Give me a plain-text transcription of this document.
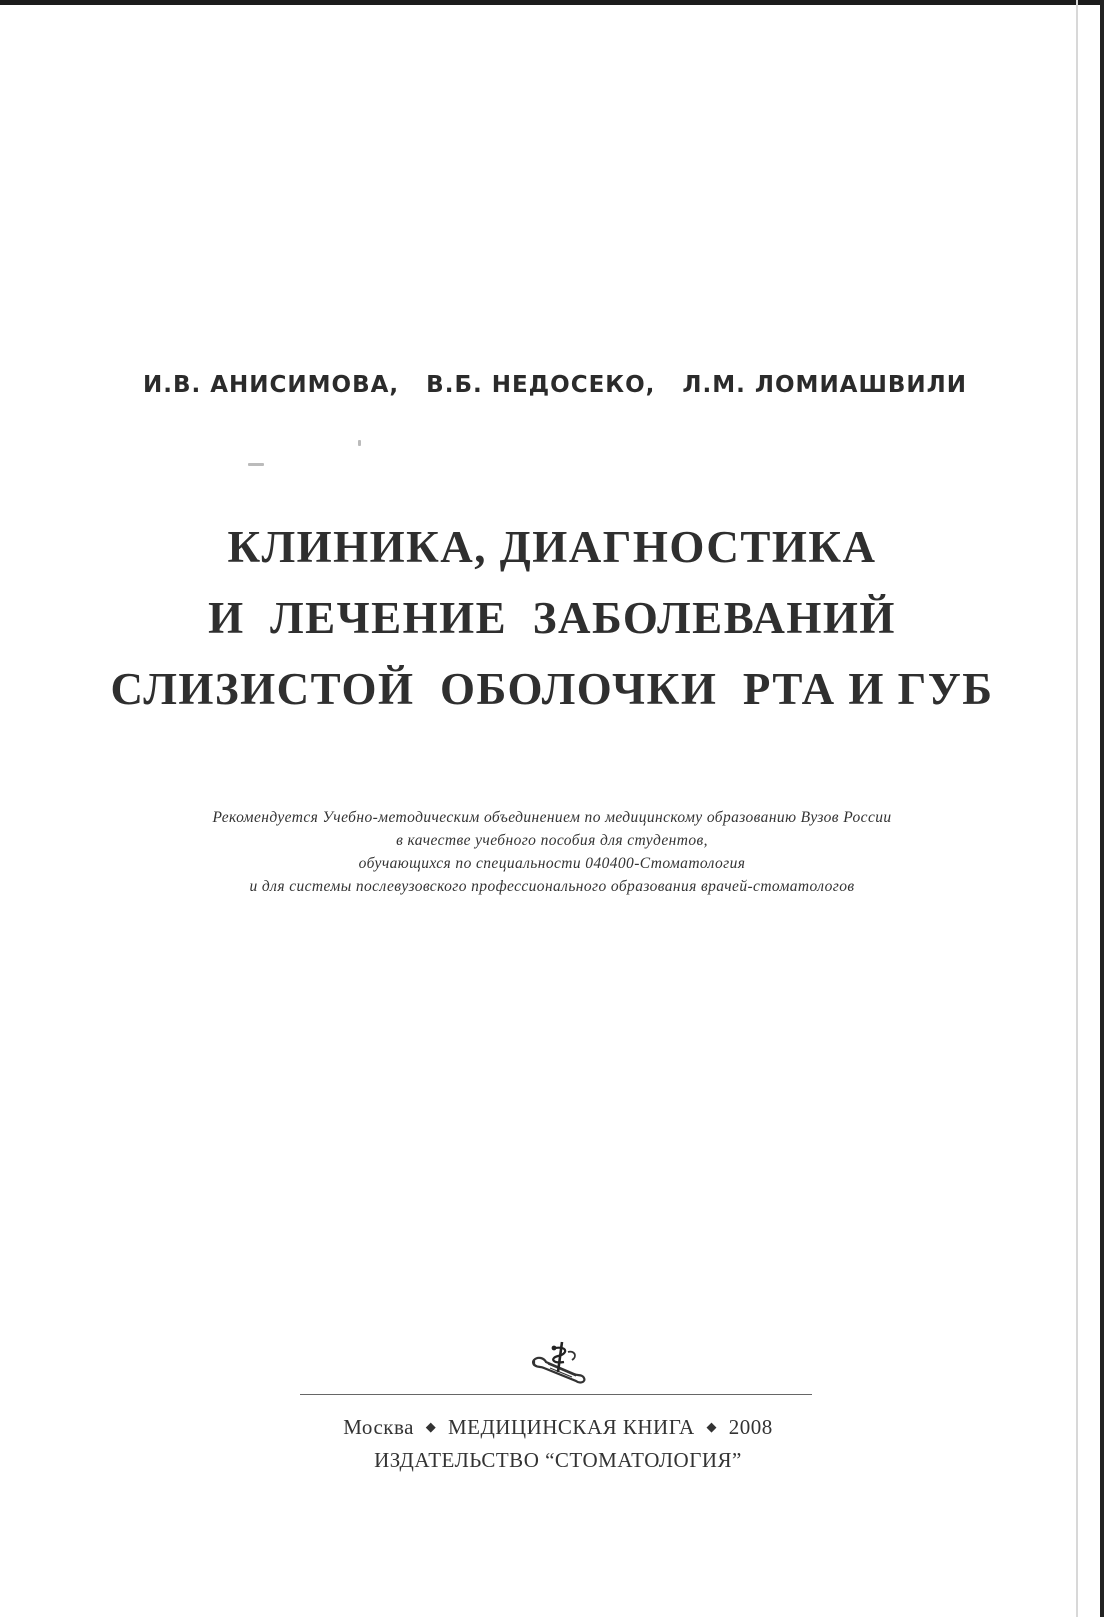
И.В. АНИСИМОВА, В.Б. НЕДОСЕКО, Л.М. ЛОМИАШВИЛИ
КЛИНИКА, ДИАГНОСТИКА
И  ЛЕЧЕНИЕ  ЗАБОЛЕВАНИЙ
СЛИЗИСТОЙ  ОБОЛОЧКИ  РТА И ГУБ
Рекомендуется Учебно-методическим объединением по медицинскому образованию Вузов России
в качестве учебного пособия для студентов,
обучающихся по специальности 040400-Стоматология
и для системы послевузовского профессионального образования врачей-стоматологов
Москва ◆ МЕДИЦИНСКАЯ КНИГА ◆ 2008
ИЗДАТЕЛЬСТВО “СТОМАТОЛОГИЯ”
